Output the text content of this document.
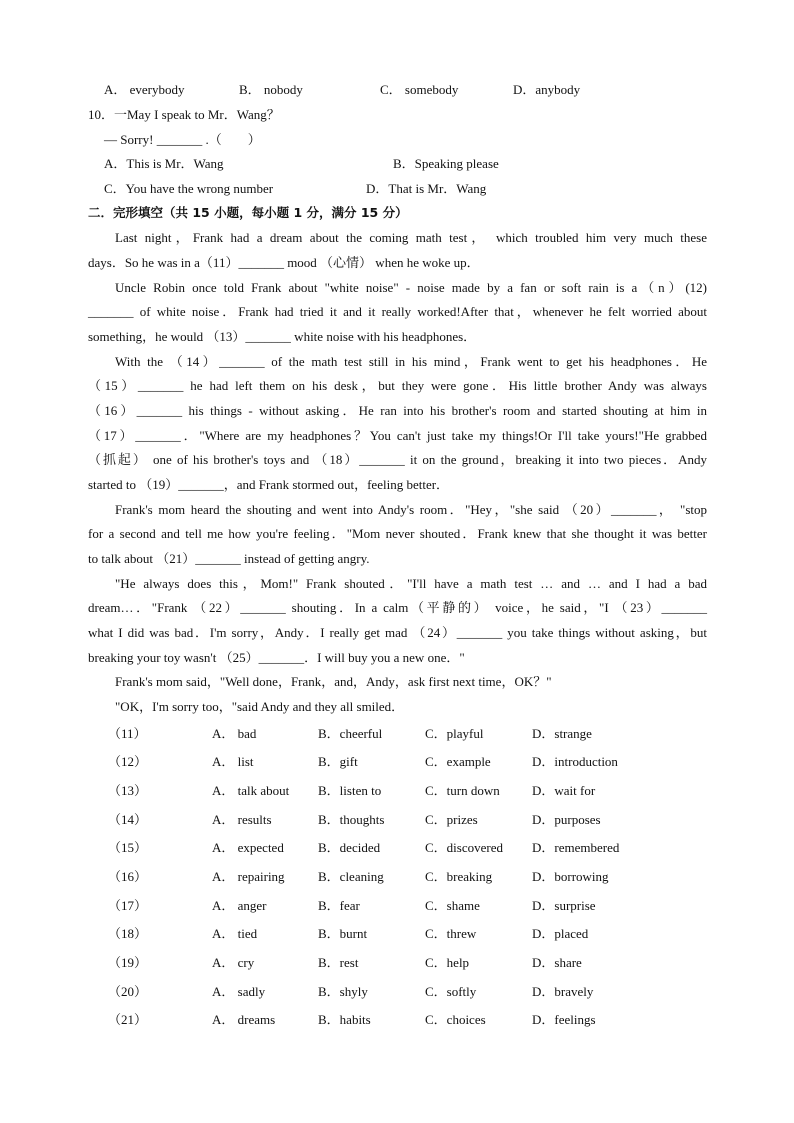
A． everybody	B． nobody	C． somebody	D．anybody
10．一May I speak to Mr．Wang？
— Sorry! _______ .（　　）
A．This is Mr．Wang	B．Speaking please
C．You have the wrong number	D．That is Mr．Wang
二．完形填空（共 15 小题，每小题 1 分，满分 15 分）
Last night，Frank had a dream about the coming math test， which troubled him very much these
days．So he was in a（11）_______ mood （心情） when he woke up．
Uncle Robin once told Frank about "white noise" - noise made by a fan or soft rain is a（n）(12)
_______ of white noise．Frank had tried it and it really worked!After that，whenever he felt worried about
something，he would （13）_______ white noise with his headphones．
With the （14）_______ of the math test still in his mind，Frank went to get his headphones．He
（15）_______ he had left them on his desk，but they were gone．His little brother Andy was always
（16）_______ his things - without asking．He ran into his brother's room and started shouting at him in
（17）_______．"Where are my headphones？You can't just take my things!Or I'll take yours!"He grabbed
（抓起） one of his brother's toys and （18）_______ it on the ground，breaking it into two pieces．Andy
started to （19）_______，and Frank stormed out，feeling better．
Frank's mom heard the shouting and went into Andy's room．"Hey，"she said （20）_______， "stop
for a second and tell me how you're feeling．"Mom never shouted．Frank knew that she thought it was better
to talk about （21）_______ instead of getting angry.
"He always does this，Mom!" Frank shouted．"I'll have a math test … and … and I had a bad
dream…．"Frank （22）_______ shouting．In a calm（平静的） voice，he said，"I （23）_______
what I did was bad．I'm sorry，Andy．I really get mad （24）_______ you take things without asking，but
breaking your toy wasn't （25）_______．I will buy you a new one．"
Frank's mom said，"Well done，Frank，and，Andy，ask first next time，OK？"
"OK，I'm sorry too，"said Andy and they all smiled．
（11）	A． bad	B．cheerful	C．playful	D．strange
（12）	A． list	B．gift	C．example	D．introduction
（13）	A． talk about B．listen to	C．turn down D．wait for
（14）	A． results	B．thoughts	C．prizes	D．purposes
（15）	A． expected	B．decided	C．discovered D．remembered
（16）	A． repairing	B．cleaning	C．breaking	D．borrowing
（17）	A． anger	B．fear	C．shame	D．surprise
（18）	A． tied	B．burnt	C．threw	D．placed
（19）	A． cry	B．rest	C．help	D．share
（20）	A． sadly	B．shyly	C．softly	D．bravely
（21）	A． dreams	B．habits	C．choices	D．feelings
